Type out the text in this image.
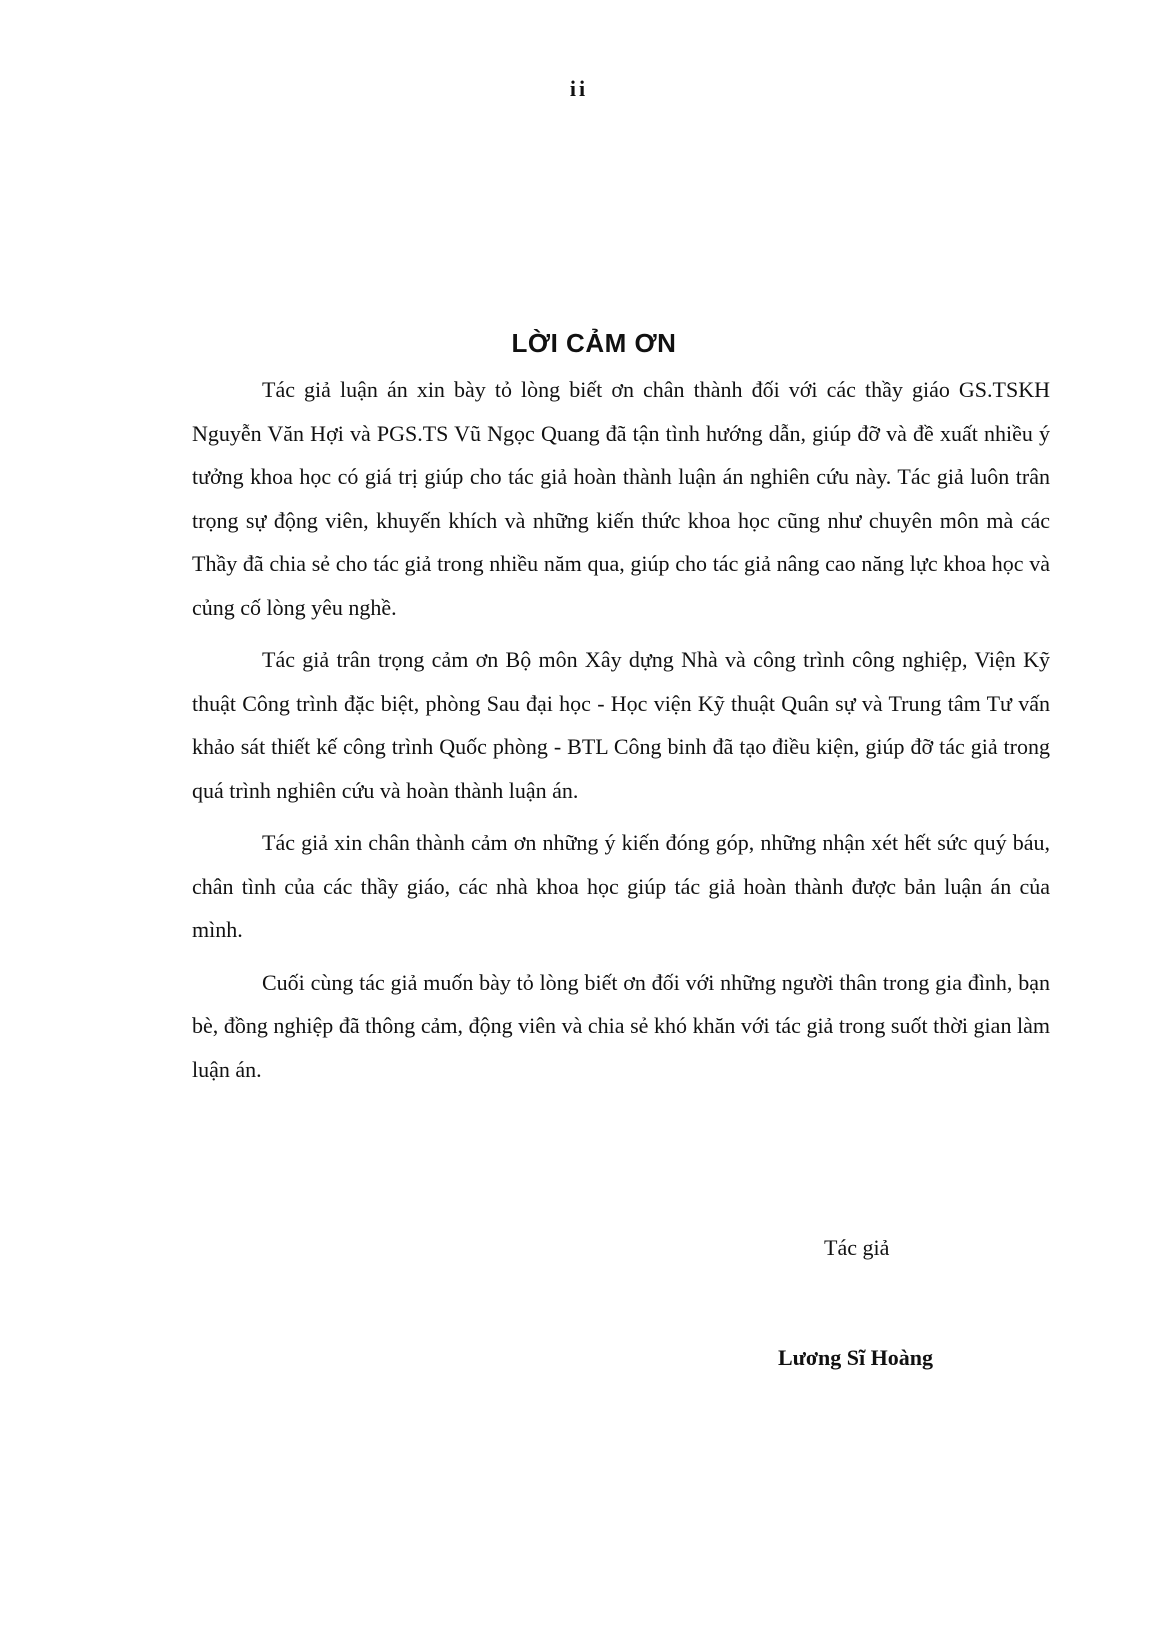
ii
LỜI CẢM ƠN

Tác giả luận án xin bày tỏ lòng biết ơn chân thành đối với các thầy giáo GS.TSKH Nguyễn Văn Hợi và PGS.TS Vũ Ngọc Quang đã tận tình hướng dẫn, giúp đỡ và đề xuất nhiều ý tưởng khoa học có giá trị giúp cho tác giả hoàn thành luận án nghiên cứu này. Tác giả luôn trân trọng sự động viên, khuyến khích và những kiến thức khoa học cũng như chuyên môn mà các Thầy đã chia sẻ cho tác giả trong nhiều năm qua, giúp cho tác giả nâng cao năng lực khoa học và củng cố lòng yêu nghề.

Tác giả trân trọng cảm ơn Bộ môn Xây dựng Nhà và công trình công nghiệp, Viện Kỹ thuật Công trình đặc biệt, phòng Sau đại học - Học viện Kỹ thuật Quân sự và Trung tâm Tư vấn khảo sát thiết kế công trình Quốc phòng - BTL Công binh đã tạo điều kiện, giúp đỡ tác giả trong quá trình nghiên cứu và hoàn thành luận án.

Tác giả xin chân thành cảm ơn những ý kiến đóng góp, những nhận xét hết sức quý báu, chân tình của các thầy giáo, các nhà khoa học giúp tác giả hoàn thành được bản luận án của mình.

Cuối cùng tác giả muốn bày tỏ lòng biết ơn đối với những người thân trong gia đình, bạn bè, đồng nghiệp đã thông cảm, động viên và chia sẻ khó khăn với tác giả trong suốt thời gian làm luận án.

Tác giả
Lương Sĩ Hoàng
